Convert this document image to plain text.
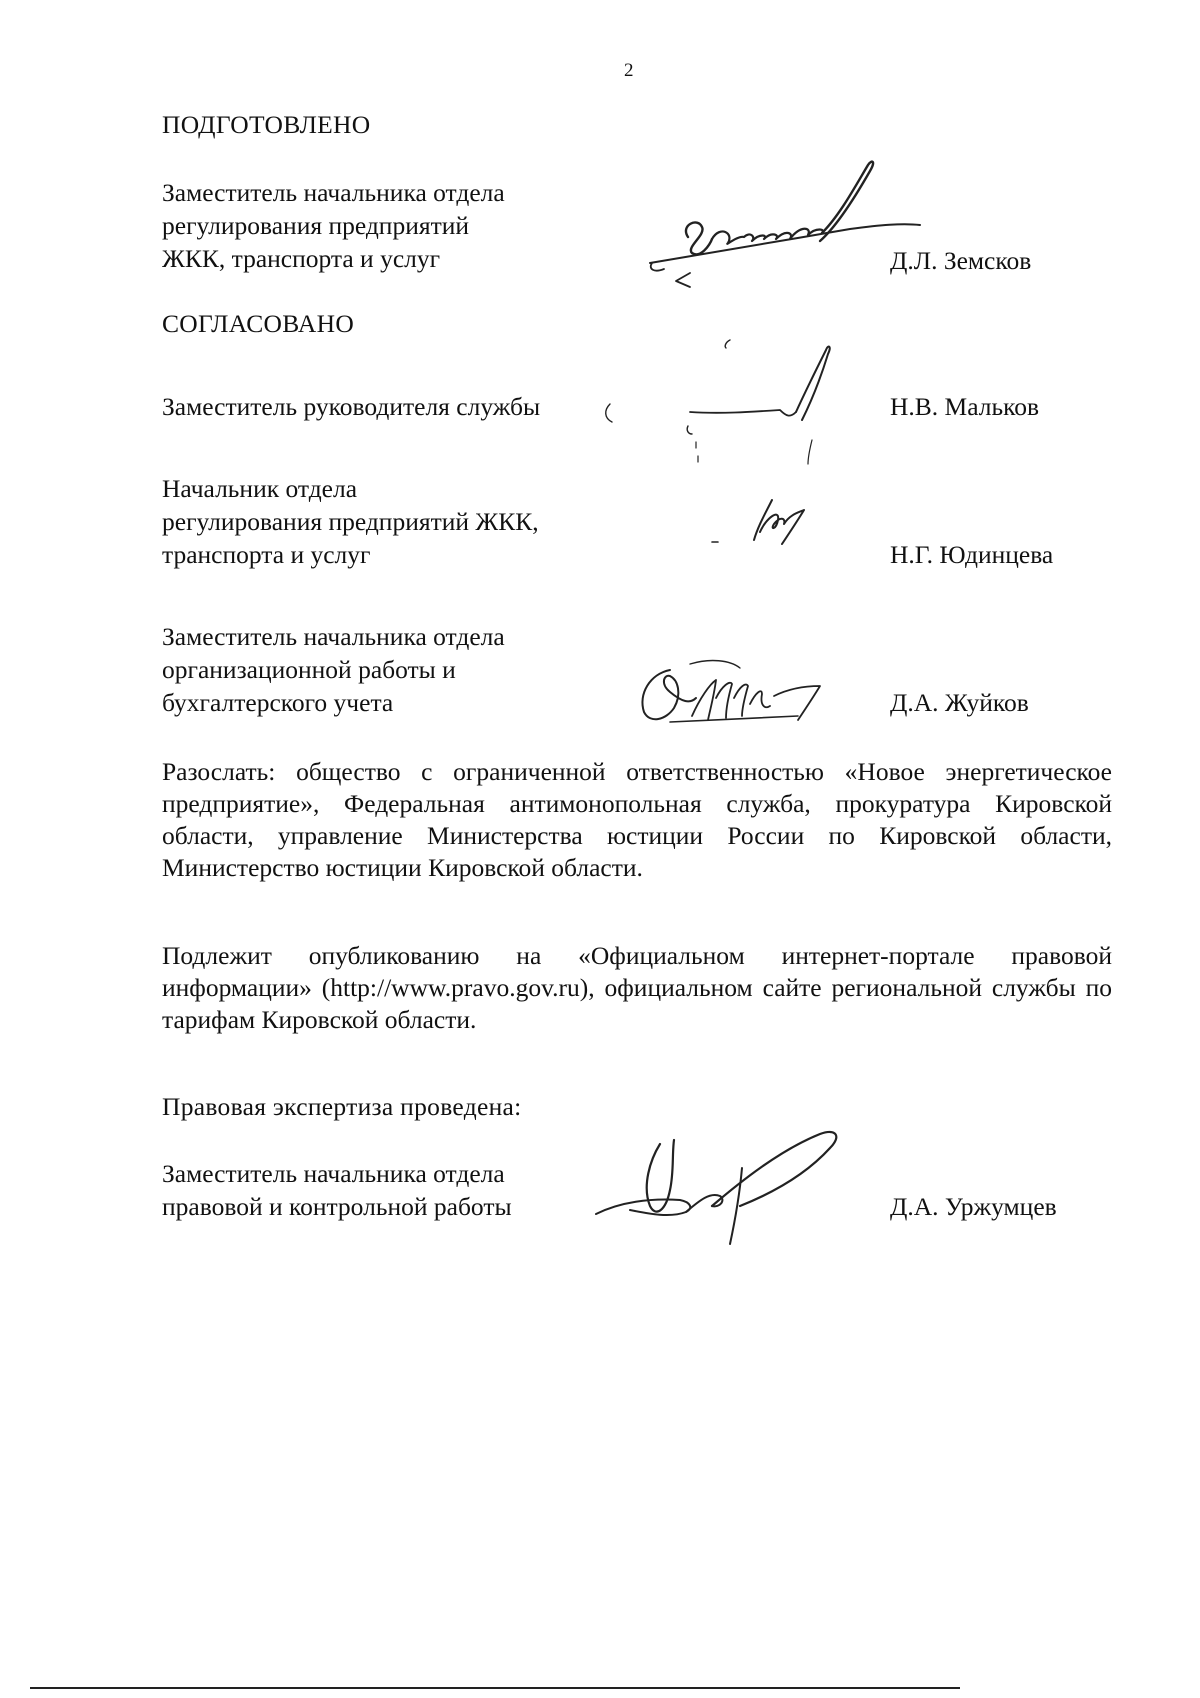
2
ПОДГОТОВЛЕНО
Заместитель начальника отдела
регулирования предприятий
ЖКК, транспорта и услуг	Д.Л. Земсков
СОГЛАСОВАНО
Заместитель руководителя службы	Н.В. Мальков
Начальник отдела
регулирования предприятий ЖКК,
транспорта и услуг	Н.Г. Юдинцева
Заместитель начальника отдела
организационной работы и
бухгалтерского учета	Д.А. Жуйков
Разослать: общество с ограниченной ответственностью «Новое энергетическое предприятие», Федеральная антимонопольная служба, прокуратура Кировской области, управление Министерства юстиции России по Кировской области, Министерство юстиции Кировской области.
Подлежит опубликованию на «Официальном интернет-портале правовой информации» (http://www.pravo.gov.ru), официальном сайте региональной службы по тарифам Кировской области.
Правовая экспертиза проведена:
Заместитель начальника отдела
правовой и контрольной работы	Д.А. Уржумцев
